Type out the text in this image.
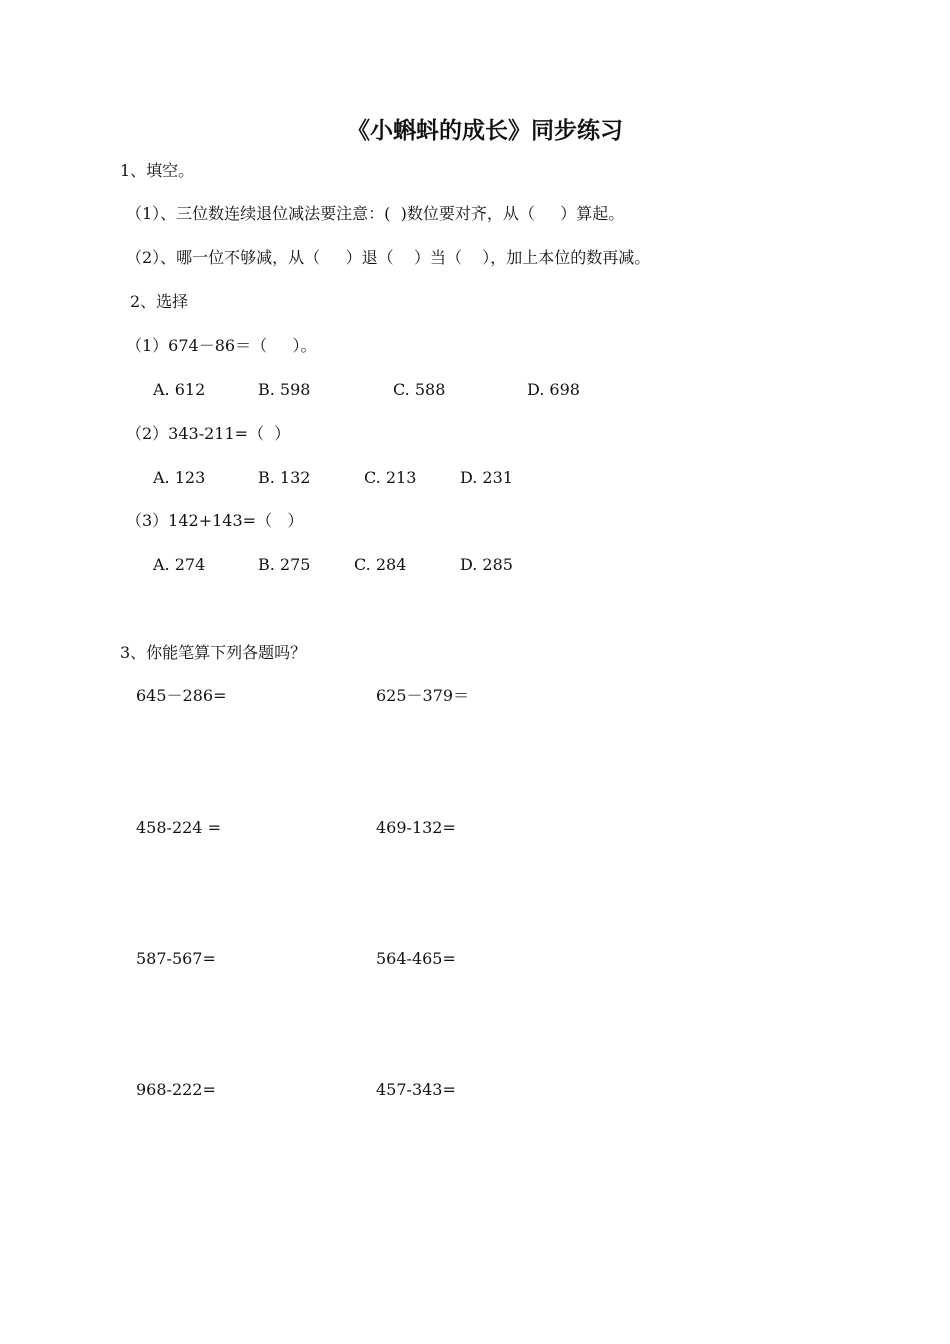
《小蝌蚪的成长》同步练习
1、填空。
（1）、三位数连续退位减法要注意：(  )数位要对齐，从（     ）算起。
（2）、哪一位不够减，从（     ）退（    ）当（    ），加上本位的数再减。
2、选择
（1）674－86＝（     ）。
A. 612	B. 598	C. 588	D. 698
（2）343-211=（  ）
A. 123	B. 132	C. 213	D. 231
（3）142+143=（   ）
A. 274	B. 275	C. 284	D. 285
3、你能笔算下列各题吗？
645－286=	625－379＝
458-224 =	469-132=
587-567=	564-465=
968-222=	457-343=
